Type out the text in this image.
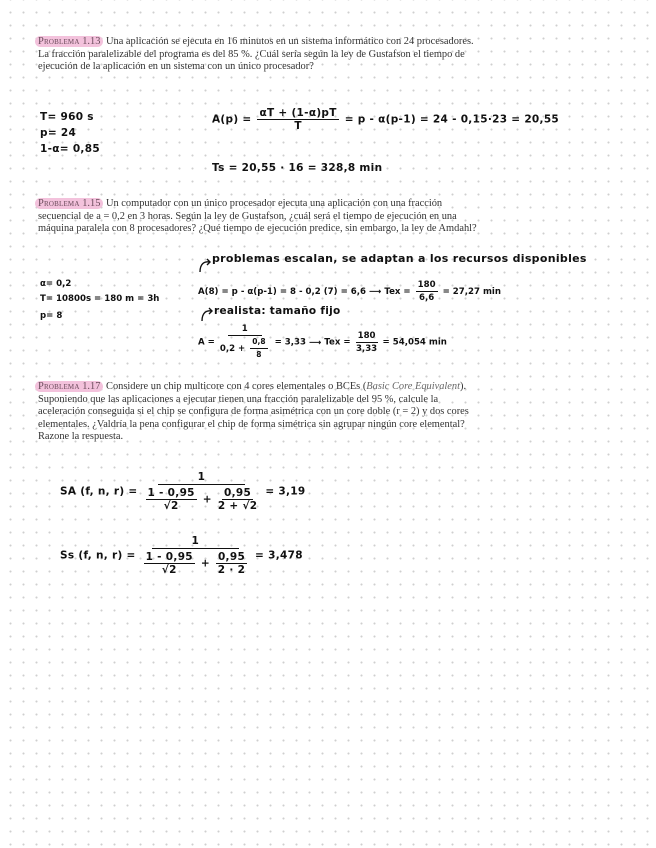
Problema 1.13 Una aplicación se ejecuta en 16 minutos en un sistema informático con 24 procesadores. La fracción paralelizable del programa es del 85 %. ¿Cuál sería según la ley de Gustafson el tiempo de ejecución de la aplicación en un sistema con un único procesador?
T= 960 s
p= 24
1-α= 0,85
$A(p) = \frac{\alpha T + (1-\alpha)pT}{T} = p - \alpha(p-1) = 24 - 0,15\cdot 23 = 20,55$
Ts = 20,55 · 16 = 328,8 min
Problema 1.15 Un computador con un único procesador ejecuta una aplicación con una fracción secuencial de a = 0,2 en 3 horas. Según la ley de Gustafson, ¿cuál será el tiempo de ejecución en una máquina paralela con 8 procesadores? ¿Qué tiempo de ejecución predice, sin embargo, la ley de Amdahl?
α= 0,2
T= 10800s = 180 m = 3h
p= 8
problemas escalan, se adaptan a los recursos disponibles
A(8) = p - α(p-1) = 8 - 0,2 (7) = 6,6 ⟶ Tex = $\frac{180}{6,6} = 27,27$ min
realista: tamaño fijo
$A = \frac{1}{0,2 + \frac{0,8}{8}} = 3,33$ ⟶ Tex = $\frac{180}{3,33} = 54,054$ min
Problema 1.17 Considere un chip multicore con 4 cores elementales o BCEs (Basic Core Equivalent). Suponiendo que las aplicaciones a ejecutar tienen una fracción paralelizable del 95 %, calcule la aceleración conseguida si el chip se configura de forma asimétrica con un core doble (r = 2) y dos cores elementales. ¿Valdría la pena configurar el chip de forma simétrica sin agrupar ningún core elemental? Razone la respuesta.
SA (f, n, r) =
1
$\frac{1 - 0,95}{√2} + \frac{0,95}{2 + √2} = 3,19$
Ss (f, n, r) =
1
$\frac{1 - 0,95}{√2} + \frac{0,95}{2 \cdot 2} = 3,478$
